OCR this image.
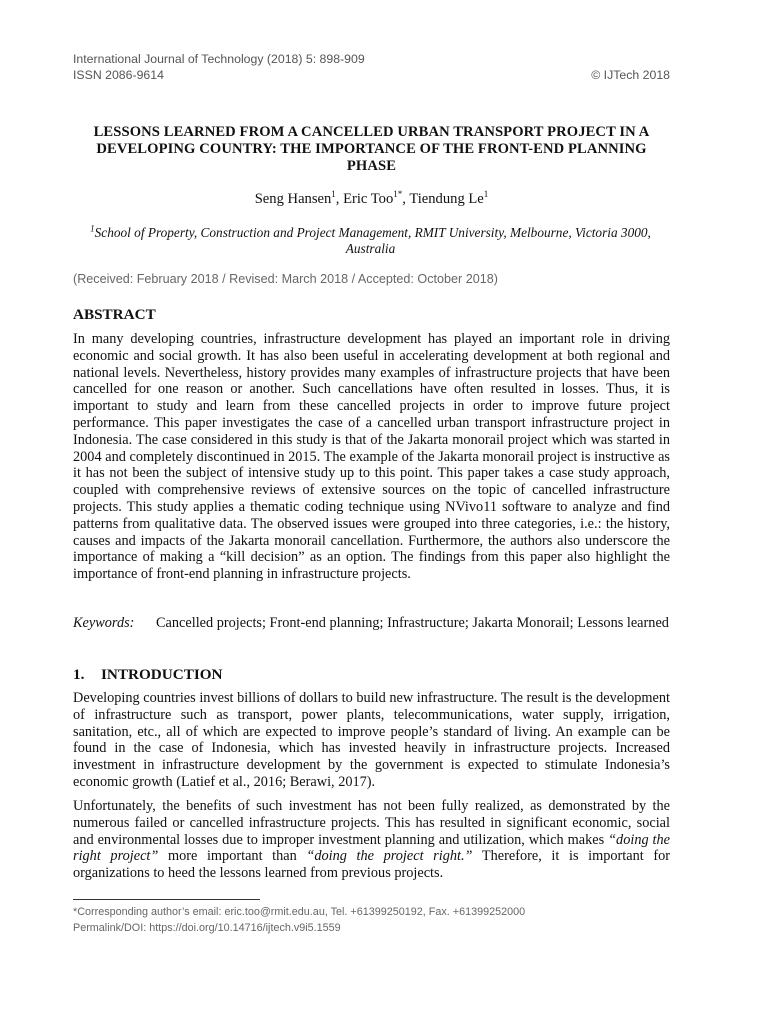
International Journal of Technology (2018) 5: 898-909
ISSN 2086-9614	© IJTech 2018
LESSONS LEARNED FROM A CANCELLED URBAN TRANSPORT PROJECT IN A DEVELOPING COUNTRY: THE IMPORTANCE OF THE FRONT-END PLANNING PHASE
Seng Hansen$^1$, Eric Too$^{1*}$, Tiendung Le$^1$
$^1$School of Property, Construction and Project Management, RMIT University, Melbourne, Victoria 3000, Australia
(Received: February 2018 / Revised: March 2018 / Accepted: October 2018)
ABSTRACT
In many developing countries, infrastructure development has played an important role in driving economic and social growth. It has also been useful in accelerating development at both regional and national levels. Nevertheless, history provides many examples of infrastructure projects that have been cancelled for one reason or another. Such cancellations have often resulted in losses. Thus, it is important to study and learn from these cancelled projects in order to improve future project performance. This paper investigates the case of a cancelled urban transport infrastructure project in Indonesia. The case considered in this study is that of the Jakarta monorail project which was started in 2004 and completely discontinued in 2015. The example of the Jakarta monorail project is instructive as it has not been the subject of intensive study up to this point. This paper takes a case study approach, coupled with comprehensive reviews of extensive sources on the topic of cancelled infrastructure projects. This study applies a thematic coding technique using NVivo11 software to analyze and find patterns from qualitative data. The observed issues were grouped into three categories, i.e.: the history, causes and impacts of the Jakarta monorail cancellation. Furthermore, the authors also underscore the importance of making a “kill decision” as an option. The findings from this paper also highlight the importance of front-end planning in infrastructure projects.
Keywords:	Cancelled projects; Front-end planning; Infrastructure; Jakarta Monorail; Lessons learned
1. INTRODUCTION
Developing countries invest billions of dollars to build new infrastructure. The result is the development of infrastructure such as transport, power plants, telecommunications, water supply, irrigation, sanitation, etc., all of which are expected to improve people’s standard of living. An example can be found in the case of Indonesia, which has invested heavily in infrastructure projects. Increased investment in infrastructure development by the government is expected to stimulate Indonesia’s economic growth (Latief et al., 2016; Berawi, 2017).
Unfortunately, the benefits of such investment has not been fully realized, as demonstrated by the numerous failed or cancelled infrastructure projects. This has resulted in significant economic, social and environmental losses due to improper investment planning and utilization, which makes “doing the right project” more important than “doing the project right.” Therefore, it is important for organizations to heed the lessons learned from previous projects.
*Corresponding author’s email: eric.too@rmit.edu.au, Tel. +61399250192, Fax. +61399252000
Permalink/DOI: https://doi.org/10.14716/ijtech.v9i5.1559
